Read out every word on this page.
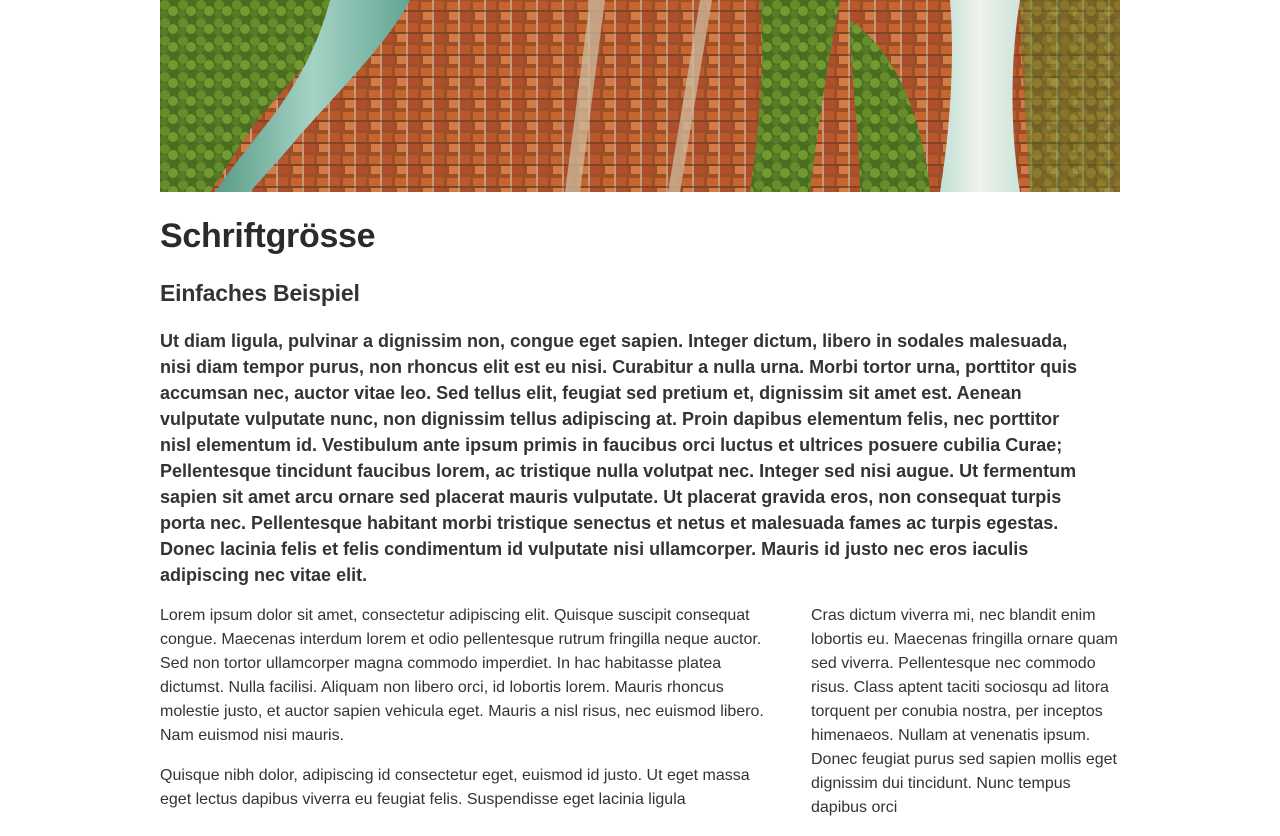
Schriftgrösse
Einfaches Beispiel

Ut diam ligula, pulvinar a dignissim non, congue eget sapien. Integer dictum, libero in sodales malesuada, nisi diam tempor purus, non rhoncus elit est eu nisi. Curabitur a nulla urna. Morbi tortor urna, porttitor quis accumsan nec, auctor vitae leo. Sed tellus elit, feugiat sed pretium et, dignissim sit amet est. Aenean vulputate vulputate nunc, non dignissim tellus adipiscing at. Proin dapibus elementum felis, nec porttitor nisl elementum id. Vestibulum ante ipsum primis in faucibus orci luctus et ultrices posuere cubilia Curae; Pellentesque tincidunt faucibus lorem, ac tristique nulla volutpat nec. Integer sed nisi augue. Ut fermentum sapien sit amet arcu ornare sed placerat mauris vulputate. Ut placerat gravida eros, non consequat turpis porta nec. Pellentesque habitant morbi tristique senectus et netus et malesuada fames ac turpis egestas. Donec lacinia felis et felis condimentum id vulputate nisi ullamcorper. Mauris id justo nec eros iaculis adipiscing nec vitae elit.

Lorem ipsum dolor sit amet, consectetur adipiscing elit. Quisque suscipit consequat congue. Maecenas interdum lorem et odio pellentesque rutrum fringilla neque auctor. Sed non tortor ullamcorper magna commodo imperdiet. In hac habitasse platea dictumst. Nulla facilisi. Aliquam non libero orci, id lobortis lorem. Mauris rhoncus molestie justo, et auctor sapien vehicula eget. Mauris a nisl risus, nec euismod libero. Nam euismod nisi mauris.

Quisque nibh dolor, adipiscing id consectetur eget, euismod id justo. Ut eget massa eget lectus dapibus viverra eu feugiat felis. Suspendisse eget lacinia ligula

Cras dictum viverra mi, nec blandit enim lobortis eu. Maecenas fringilla ornare quam sed viverra. Pellentesque nec commodo risus. Class aptent taciti sociosqu ad litora torquent per conubia nostra, per inceptos himenaeos. Nullam at venenatis ipsum. Donec feugiat purus sed sapien mollis eget dignissim dui tincidunt. Nunc tempus dapibus orci
